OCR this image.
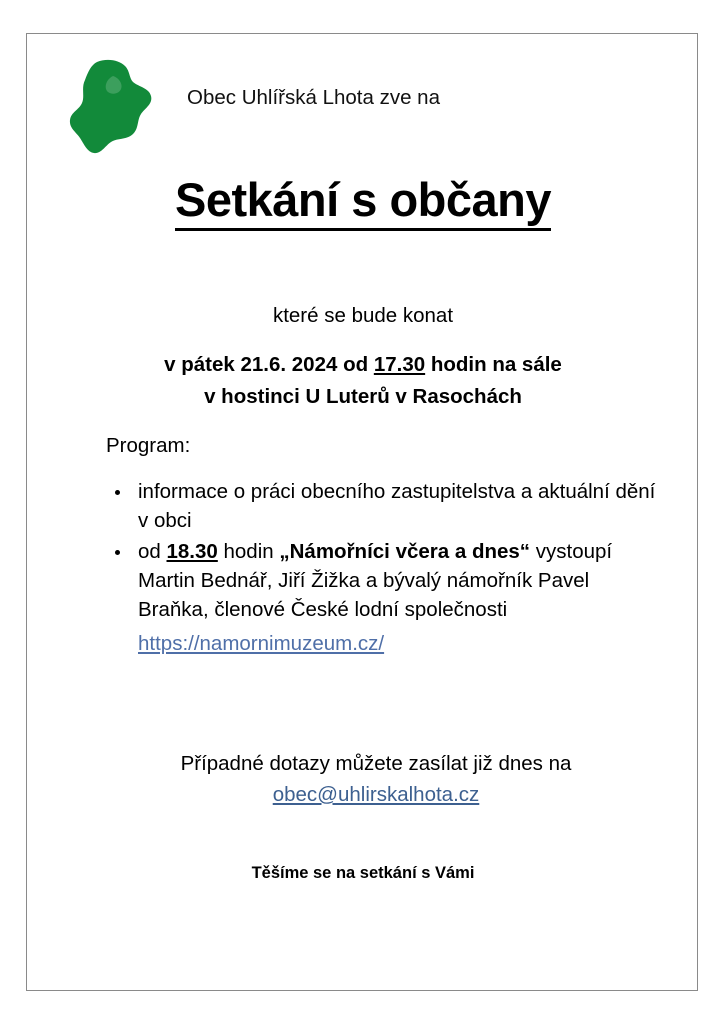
Obec Uhlířská Lhota zve na
Setkání s občany
které se bude konat
v pátek 21.6. 2024 od 17.30 hodin na sále
v hostinci U Luterů v Rasochách
Program:
• informace o práci obecního zastupitelstva a aktuální dění v obci
• od 18.30 hodin „Námořníci včera a dnes“ vystoupí Martin Bednář, Jiří Žižka a bývalý námořník Pavel Braňka, členové České lodní společnosti
https://namornimuzeum.cz/
Případné dotazy můžete zasílat již dnes na
obec@uhlirskalhota.cz
Těšíme se na setkání s Vámi
